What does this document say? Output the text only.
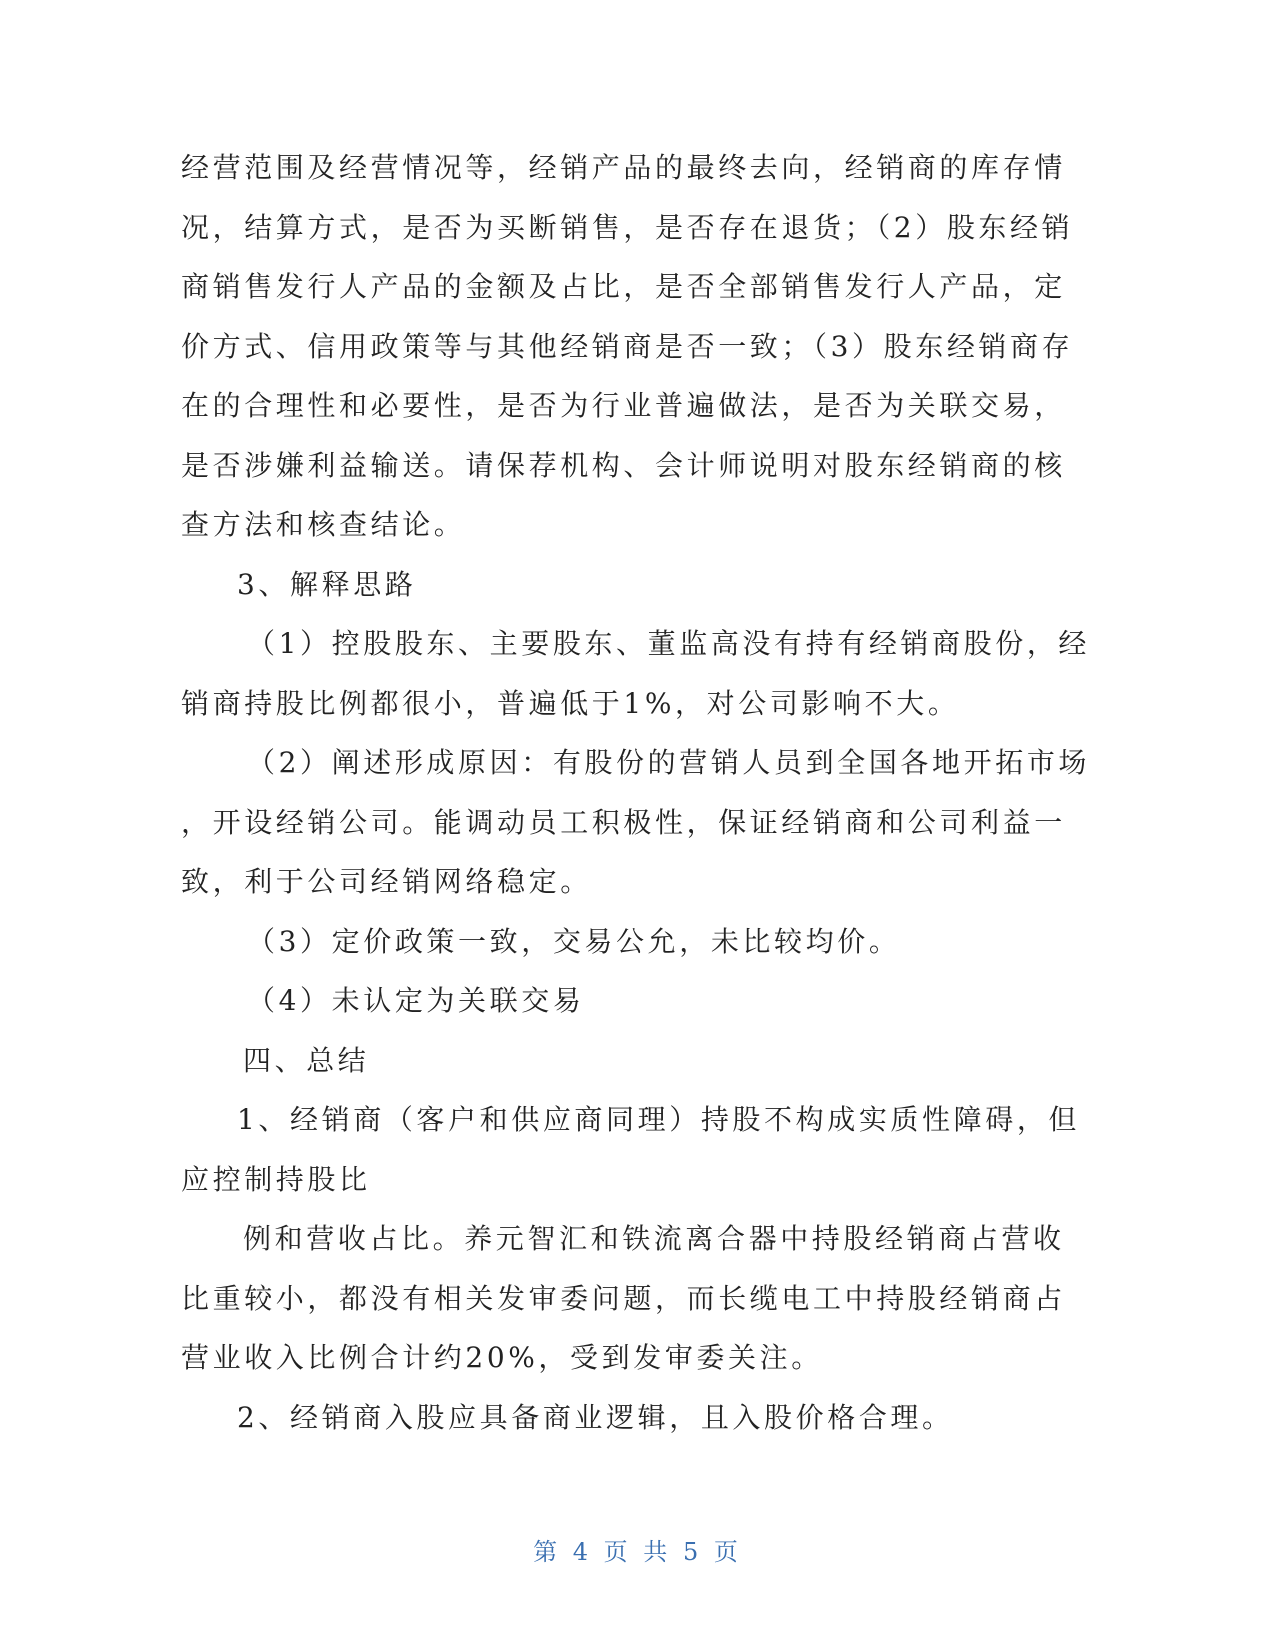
经营范围及经营情况等，经销产品的最终去向，经销商的库存情
况，结算方式，是否为买断销售，是否存在退货；（2）股东经销
商销售发行人产品的金额及占比，是否全部销售发行人产品，定
价方式、信用政策等与其他经销商是否一致；（3）股东经销商存
在的合理性和必要性，是否为行业普遍做法，是否为关联交易，
是否涉嫌利益输送。请保荐机构、会计师说明对股东经销商的核
查方法和核查结论。
3、解释思路
（1）控股股东、主要股东、董监高没有持有经销商股份，经
销商持股比例都很小，普遍低于1%，对公司影响不大。
（2）阐述形成原因：有股份的营销人员到全国各地开拓市场
，开设经销公司。能调动员工积极性，保证经销商和公司利益一
致，利于公司经销网络稳定。
（3）定价政策一致，交易公允，未比较均价。
（4）未认定为关联交易
四、总结
1、经销商（客户和供应商同理）持股不构成实质性障碍，但
应控制持股比
例和营收占比。养元智汇和铁流离合器中持股经销商占营收
比重较小，都没有相关发审委问题，而长缆电工中持股经销商占
营业收入比例合计约20%，受到发审委关注。
2、经销商入股应具备商业逻辑，且入股价格合理。
第 4 页 共 5 页
